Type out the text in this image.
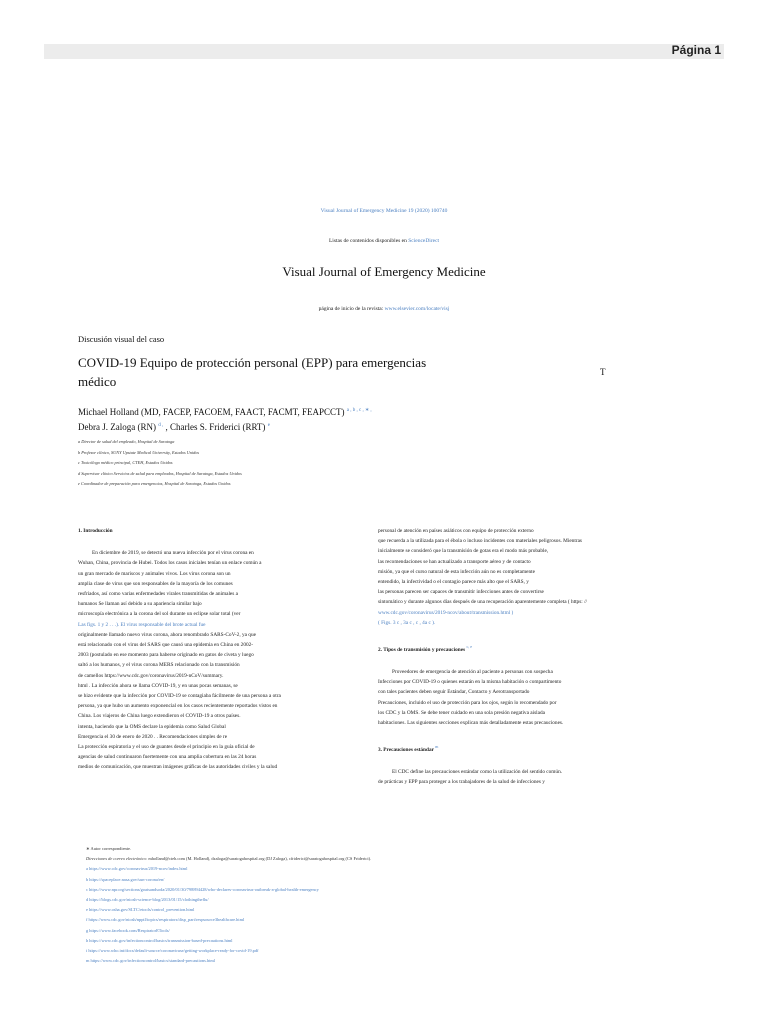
Página 1
Visual Journal of Emergency Medicine 19 (2020) 100740
Listas de contenidos disponibles en ScienceDirect
Visual Journal of Emergency Medicine
página de inicio de la revista: www.elsevier.com/locate/visj
Discusión visual del caso
COVID-19 Equipo de protección personal (EPP) para emergencias
médico
T
Michael Holland (MD, FACEP, FACOEM, FAACT, FACMT, FEAPCCT) $^{a , b , c , ∗ ,}$
Debra J. Zaloga (RN) $^{d ,}$ , Charles S. Friderici (RRT) $^e$
a Director de salud del empleado, Hospital de Saratoga
b Profesor clínico, SUNY Upstate Medical University, Estados Unidos
c Toxicólogo médico principal, CTEH, Estados Unidos
d Supervisor clínico Servicios de salud para empleados, Hospital de Saratoga, Estados Unidos
e Coordinador de preparación para emergencias, Hospital de Saratoga, Estados Unidos

1. Introducción

En diciembre de 2019, se detectó una nueva infección por el virus corona en

Wuhan, China, provincia de Hubei. Todos los casos iniciales tenían un enlace común a

un gran mercado de mariscos y animales vivos. Los virus corona son un

amplia clase de virus que son responsables de la mayoría de los comunes

resfriados, así como varias enfermedades virales transmitidas de animales a

humanos Se llaman así debido a su apariencia similar bajo

microscopía electrónica a la corona del sol durante un eclipse solar total (ver

Las figs. 1 y 2 . . .). El virus responsable del brote actual fue

originalmente llamado nuevo virus corona, ahora renombrado SARS-CoV-2, ya que

está relacionado con el virus del SARS que causó una epidemia en China en 2002-

2003 (postulado en ese momento para haberse originado en gatos de civeta y luego

saltó a los humanos, y el virus corona MERS relacionado con la transmisión

de camellos https://www.cdc.gov/coronavirus/2019-nCoV/summary.

html . La infección ahora se llama COVID-19, y en unas pocas semanas, se

se hizo evidente que la infección por COVID-19 se contagiaba fácilmente de una persona a otra

persona, ya que hubo un aumento exponencial en los casos recientemente reportados vistos en

China. Los viajeros de China luego extendieron el COVID-19 a otros países.

intenta, haciendo que la OMS declare la epidemia como Salud Global

Emergencia el 30 de enero de 2020 . . Recomendaciones simples de re

La protección espiratoria y el uso de guantes desde el principio en la guía oficial de

agencias de salud continuaron fuertemente con una amplia cobertura en las 24 horas

medios de comunicación, que muestran imágenes gráficas de las autoridades civiles y la salud

personal de atención en países asiáticos con equipo de protección externo

que recuerda a la utilizada para el ébola o incluso incidentes con materiales peligrosos. Mientras

inicialmente se consideró que la transmisión de gotas era el modo más probable,

las recomendaciones se han actualizado a transporte aéreo y de contacto

misión, ya que el curso natural de esta infección aún no es completamente

entendido, la infectividad o el contagio parece más alto que el SARS, y

las personas parecen ser capaces de transmitir infecciones antes de convertirse

sintomático y durante algunos días después de una recuperación aparentemente completa ( https: //

www.cdc.gov/coronavirus/2019-ncov/about/transmission.html )

( Figs. 3 c , 3a c , c , 4a c ).

2. Tipos de transmisión y precauciones $^{c, e}$

Proveedores de emergencia de atención al paciente a personas con sospecha

Infecciones por COVID-19 o quienes estarán en la misma habitación o compartimento

con tales pacientes deben seguir Estándar, Contacto y Aerotransportado

Precauciones, incluido el uso de protección para los ojos, según lo recomendado por

los CDC y la OMS. Se debe tener cuidado en una sola presión negativa aislada

habitaciones. Las siguientes secciones explican más detalladamente estas precauciones.

3. Precauciones estándar $^m$

El CDC define las precauciones estándar como la utilización del sentido común.

de prácticas y EPP para proteger a los trabajadores de la salud de infecciones y

∗ Autor correspondiente.
Direcciones de correo electrónico: mholland@cteh.com (M. Holland), dzaloga@saratogahospital.org (DJ Zaloga), cfriderici@saratogahospital.org (CS Friderici).
a https://www.cdc.gov/coronavirus/2019-ncov/index.html
b https://spaceplace.nasa.gov/sun-corona/en/
c https://www.npr.org/sections/goatsandsoda/2020/01/30/798894428/who-declares-coronavirus-outbreak-a-global-health-emergency
d https://blogs.cdc.gov/niosh-science-blog/2013/01/15/clothingtheflu/
e https://www.osha.gov/SLTC/etools/control_prevention.html
f https://www.cdc.gov/niosh/npptl/topics/respirators/disp_part/respsource3healthcare.html
g https://www.facebook.com/RespiratorETools/
h https://www.cdc.gov/infectioncontrol/basics/transmission-based-precautions.html
i https://www.who.int/docs/default-source/coronaviruse/getting-workplace-ready-for-covid-19.pdf
m https://www.cdc.gov/infectioncontrol/basics/standard-precautions.html
